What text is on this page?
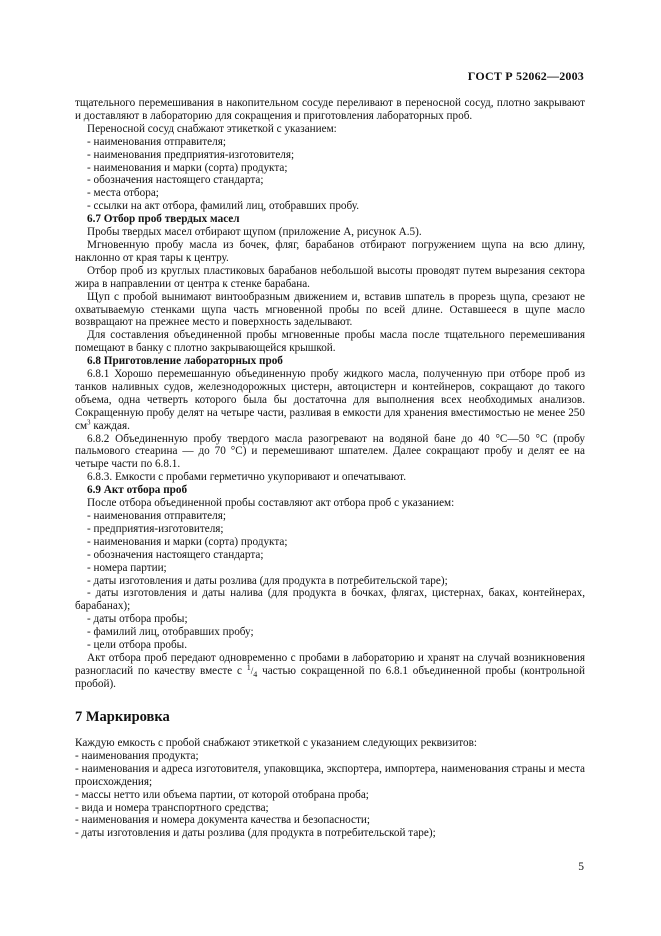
ГОСТ Р 52062—2003

тщательного перемешивания в накопительном сосуде переливают в переносной сосуд, плотно закрывают и доставляют в лабораторию для сокращения и приготовления лабораторных проб.

Переносной сосуд снабжают этикеткой с указанием:

- наименования отправителя;

- наименования предприятия-изготовителя;

- наименования и марки (сорта) продукта;

- обозначения настоящего стандарта;

- места отбора;

- ссылки на акт отбора, фамилий лиц, отобравших пробу.

6.7 Отбор проб твердых масел

Пробы твердых масел отбирают щупом (приложение А, рисунок А.5).

Мгновенную пробу масла из бочек, фляг, барабанов отбирают погружением щупа на всю длину, наклонно от края тары к центру.

Отбор проб из круглых пластиковых барабанов небольшой высоты проводят путем вырезания сектора жира в направлении от центра к стенке барабана.

Щуп с пробой вынимают винтообразным движением и, вставив шпатель в прорезь щупа, срезают не охватываемую стенками щупа часть мгновенной пробы по всей длине. Оставшееся в щупе масло возвращают на прежнее место и поверхность заделывают.

Для составления объединенной пробы мгновенные пробы масла после тщательного перемешивания помещают в банку с плотно закрывающейся крышкой.

6.8 Приготовление лабораторных проб

6.8.1 Хорошо перемешанную объединенную пробу жидкого масла, полученную при отборе проб из танков наливных судов, железнодорожных цистерн, автоцистерн и контейнеров, сокращают до такого объема, одна четверть которого была бы достаточна для выполнения всех необходимых анализов. Сокращенную пробу делят на четыре части, разливая в емкости для хранения вместимостью не менее 250 $см^3$ каждая.

6.8.2 Объединенную пробу твердого масла разогревают на водяной бане до 40 °C—50 °C (пробу пальмового стеарина — до 70 °C) и перемешивают шпателем. Далее сокращают пробу и делят ее на четыре части по 6.8.1.

6.8.3. Емкости с пробами герметично укупоривают и опечатывают.

6.9 Акт отбора проб

После отбора объединенной пробы составляют акт отбора проб с указанием:

- наименования отправителя;

- предприятия-изготовителя;

- наименования и марки (сорта) продукта;

- обозначения настоящего стандарта;

- номера партии;

- даты изготовления и даты розлива (для продукта в потребительской таре);

- даты изготовления и даты налива (для продукта в бочках, флягах, цистернах, баках, контейнерах, барабанах);

- даты отбора пробы;

- фамилий лиц, отобравших пробу;

- цели отбора пробы.

Акт отбора проб передают одновременно с пробами в лабораторию и хранят на случай возникновения разногласий по качеству вместе с $^1/_4$ частью сокращенной по 6.8.1 объединенной пробы (контрольной пробой).

7 Маркировка

Каждую емкость с пробой снабжают этикеткой с указанием следующих реквизитов:

- наименования продукта;

- наименования и адреса изготовителя, упаковщика, экспортера, импортера, наименования страны и места происхождения;

- массы нетто или объема партии, от которой отобрана проба;

- вида и номера транспортного средства;

- наименования и номера документа качества и безопасности;

- даты изготовления и даты розлива (для продукта в потребительской таре);

5
